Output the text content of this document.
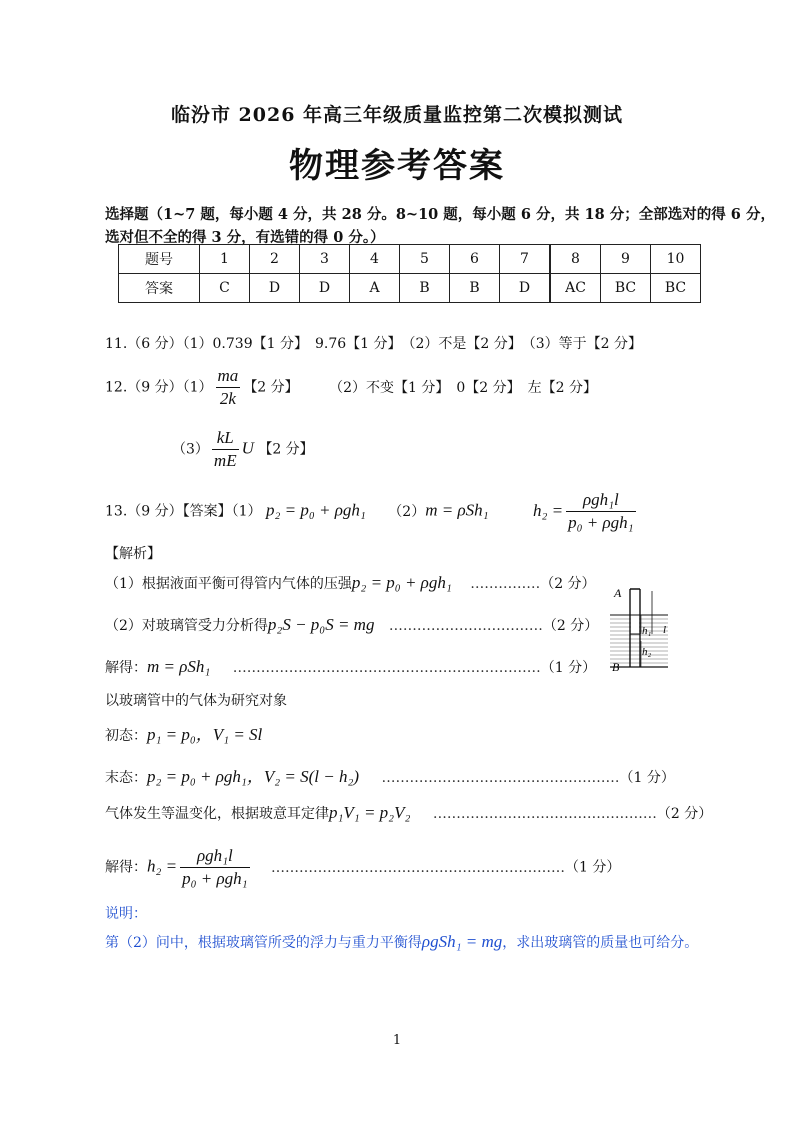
临汾市 2026 年高三年级质量监控第二次模拟测试
物理参考答案
选择题（1~7 题，每小题 4 分，共 28 分。8~10 题，每小题 6 分，共 18 分；全部选对的得 6 分，
选对但不全的得 3 分，有选错的得 0 分。）
题号	1	2	3	4	5	6	7	8	9	10
答案	C	D	D	A	B	B	D	AC	BC	BC
11.（6 分）（1）0.739【1 分】　9.76【1 分】　（2）不是【2 分】　（3）等于【2 分】
12.（9 分）$(1) \frac{ma}{2k}$ 【2 分】 （2）不变【1 分】　0【2 分】　左【2 分】
$(3) \frac{kL}{mE}$ U 【2 分】
13.（9 分）【答案】（1） p₂ = p₀ + ρgh₁ （2）m = ρSh₁	$h_2 = \frac{\text{ρgh₁l}}{\text{p₀ + ρgh₁}}$
【解析】
（1）根据液面平衡可得管内气体的压强p₂ = p₀ + ρgh₁ ……………（2 分）
（2）对玻璃管受力分析得p₂S − p₀S = mg ……………………………（2 分）
解得：m = ρSh₁ …………………………………………………………（1 分）
以玻璃管中的气体为研究对象
初态：p₁ = p₀，V₁ = Sl
末态：p₂ = p₀ + ρgh₁，V₂ = S(l − h₂) ……………………………………………（1 分）
气体发生等温变化，根据玻意耳定律p₁V₁ = p₂V₂ …………………………………………（2 分）
解得：$h_2 = \frac{\text{ρgh₁l}}{\text{p₀ + ρgh₁}}$ ………………………………………………………（1 分）
说明：
第（2）问中，根据玻璃管所受的浮力与重力平衡得ρgSh₁ = mg，求出玻璃管的质量也可给分。
A
B
h₁
h₂
l
1
